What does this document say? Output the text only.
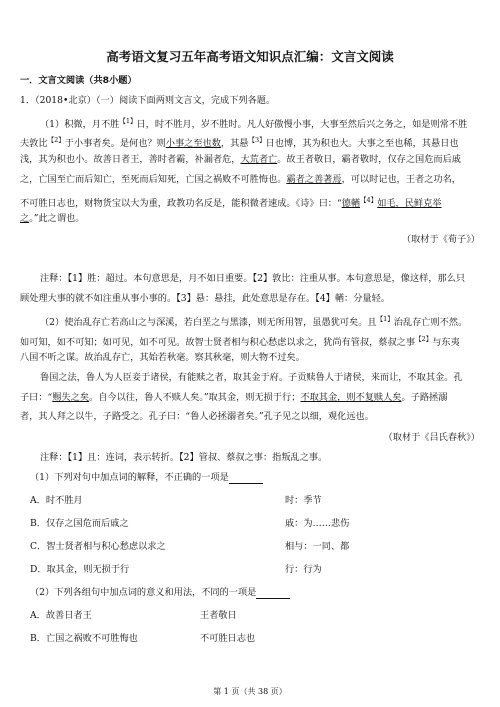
高考语文复习五年高考语文知识点汇编：文言文阅读
一．文言文阅读（共8小题）
1．（2018•北京）（一）阅读下面两则文言文，完成下列各题。
（1）积微，月不胜$^{【1】}$日，时不胜月，岁不胜时。凡人好傲慢小事，大事至然后兴之务之，如是则常不胜
夫敦比$^{【2】}$于小事者矣。是何也？则小事之至也数，其悬$^{【3】}$日也博，其为积也大。大事之至也稀，其悬日也
浅，其为积也小。故善日者王，善时者霸，补漏者危，大荒者亡。故王者敬日，霸者敬时，仅存之国危而后戚
之，亡国至亡而后知亡，至死而后知死，亡国之祸败不可胜悔也。霸者之善著焉，可以时记也，王者之功名，
不可胜日志也，财物货宝以大为重，政教功名反是，能积微者速成。《诗》曰：“德輶$^{【4】}$如毛，民鲜克举
之。”此之谓也。
（取材于《荀子》）
注释：【1】胜：超过。本句意思是，月不如日重要。【2】敦比：注重从事。本句意思是，像这样，那么只
顾处理大事的就不如注重从事小事的。【3】悬：悬挂，此处意思是存在。【4】輶：分量轻。
（2）使治乱存亡若高山之与深溪，若白垩之与黑漆，则无所用智，虽愚犹可矣。且$^{【1】}$治乱存亡则不然。
如可知，如不可知；如可见，如不可见。故智士贤者相与积心愁虑以求之，犹尚有管叔，蔡叔之事$^{【2】}$与东夷
八国不听之谋。故治乱存亡，其始若秋毫。察其秋毫，则大物不过矣。
鲁国之法，鲁人为人臣妾于诸侯，有能赎之者，取其金于府。子贡赎鲁人于诸侯，来而让，不取其金。孔
子曰：“赐失之矣。自今以往，鲁人不赎人矣。”取其金，则无损于行；不取其金，则不复赎人矣。子路拯溺
者，其人拜之以牛，子路受之。孔子曰：“鲁人必拯溺者矣。”孔子见之以细，观化远也。
（取材于《吕氏春秋》）
注释：【1】且：连词，表示转折。【2】管叔、蔡叔之事：指叛乱之事。
（1）下列对句中加点词的解释，不正确的一项是
A．时不胜月	时：季节
B．仅存之国危而后戚之	戚：为……悲伤
C．智士贤者相与积心愁虑以求之	相与：一同、都
D．取其金，则无损于行	行：行为
（2）下列各组句中加点词的意义和用法，不同的一项是
A．故善日者王	王者敬日
B．亡国之祸败不可胜悔也	不可胜日志也
第 1 页（共 38 页）
